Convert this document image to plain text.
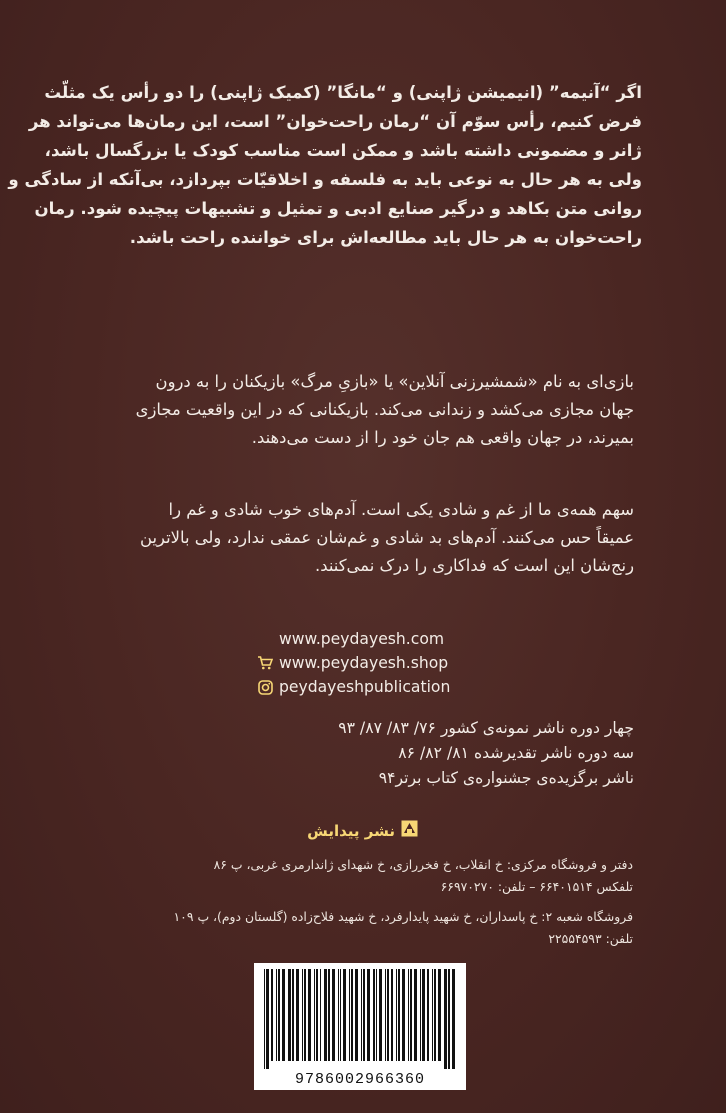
اگر “آنیمه” (انیمیشن ژاپنی) و “مانگا” (کمیک ژاپنی) را دو رأس یک مثلّث
فرض کنیم، رأس سوّم آن “رمان راحت‌خوان” است، این رمان‌ها می‌تواند هر
ژانر و مضمونی داشته باشد و ممکن است مناسب کودک یا بزرگسال باشد،
ولی به هر حال به نوعی باید به فلسفه و اخلاقیّات بپردازد، بی‌آنکه از سادگی و
روانی متن بکاهد و درگیر صنایع ادبی و تمثیل و تشبیهات پیچیده شود. رمان
راحت‌خوان به هر حال باید مطالعه‌اش برای خواننده راحت باشد.
بازی‌ای به نام «شمشیرزنی آنلاین» یا «بازیِ مرگ» بازیکنان را به درون
جهان مجازی می‌کشد و زندانی می‌کند. بازیکنانی که در این واقعیت مجازی
بمیرند، در جهان واقعی هم جان خود را از دست می‌دهند.
سهم همه‌ی ما از غم و شادی یکی است. آدم‌های خوب شادی و غم را
عمیقاً حس می‌کنند. آدم‌های بد شادی و غم‌شان عمقی ندارد، ولی بالاترین
رنج‌شان این است که فداکاری را درک نمی‌کنند.
www.peydayesh.com
www.peydayesh.shop
peydayeshpublication
چهار دوره ناشر نمونه‌ی کشور ۷۶/ ۸۳/ ۸۷/ ۹۳
سه دوره ناشر تقدیرشده ۸۱/ ۸۲/ ۸۶
ناشر برگزیده‌ی جشنواره‌ی کتاب برتر۹۴
نشر پیدایش
دفتر و فروشگاه مرکزی: خ انقلاب، خ فخررازی، خ شهدای ژاندارمری غربی، پ ۸۶
تلفکس ۶۶۴۰۱۵۱۴ – تلفن: ۶۶۹۷۰۲۷۰
فروشگاه شعبه ۲: خ پاسداران، خ شهید پایدارفرد، خ شهید فلاح‌زاده (گلستان دوم)، پ ۱۰۹
تلفن: ۲۲۵۵۴۵۹۳
9786002966360
